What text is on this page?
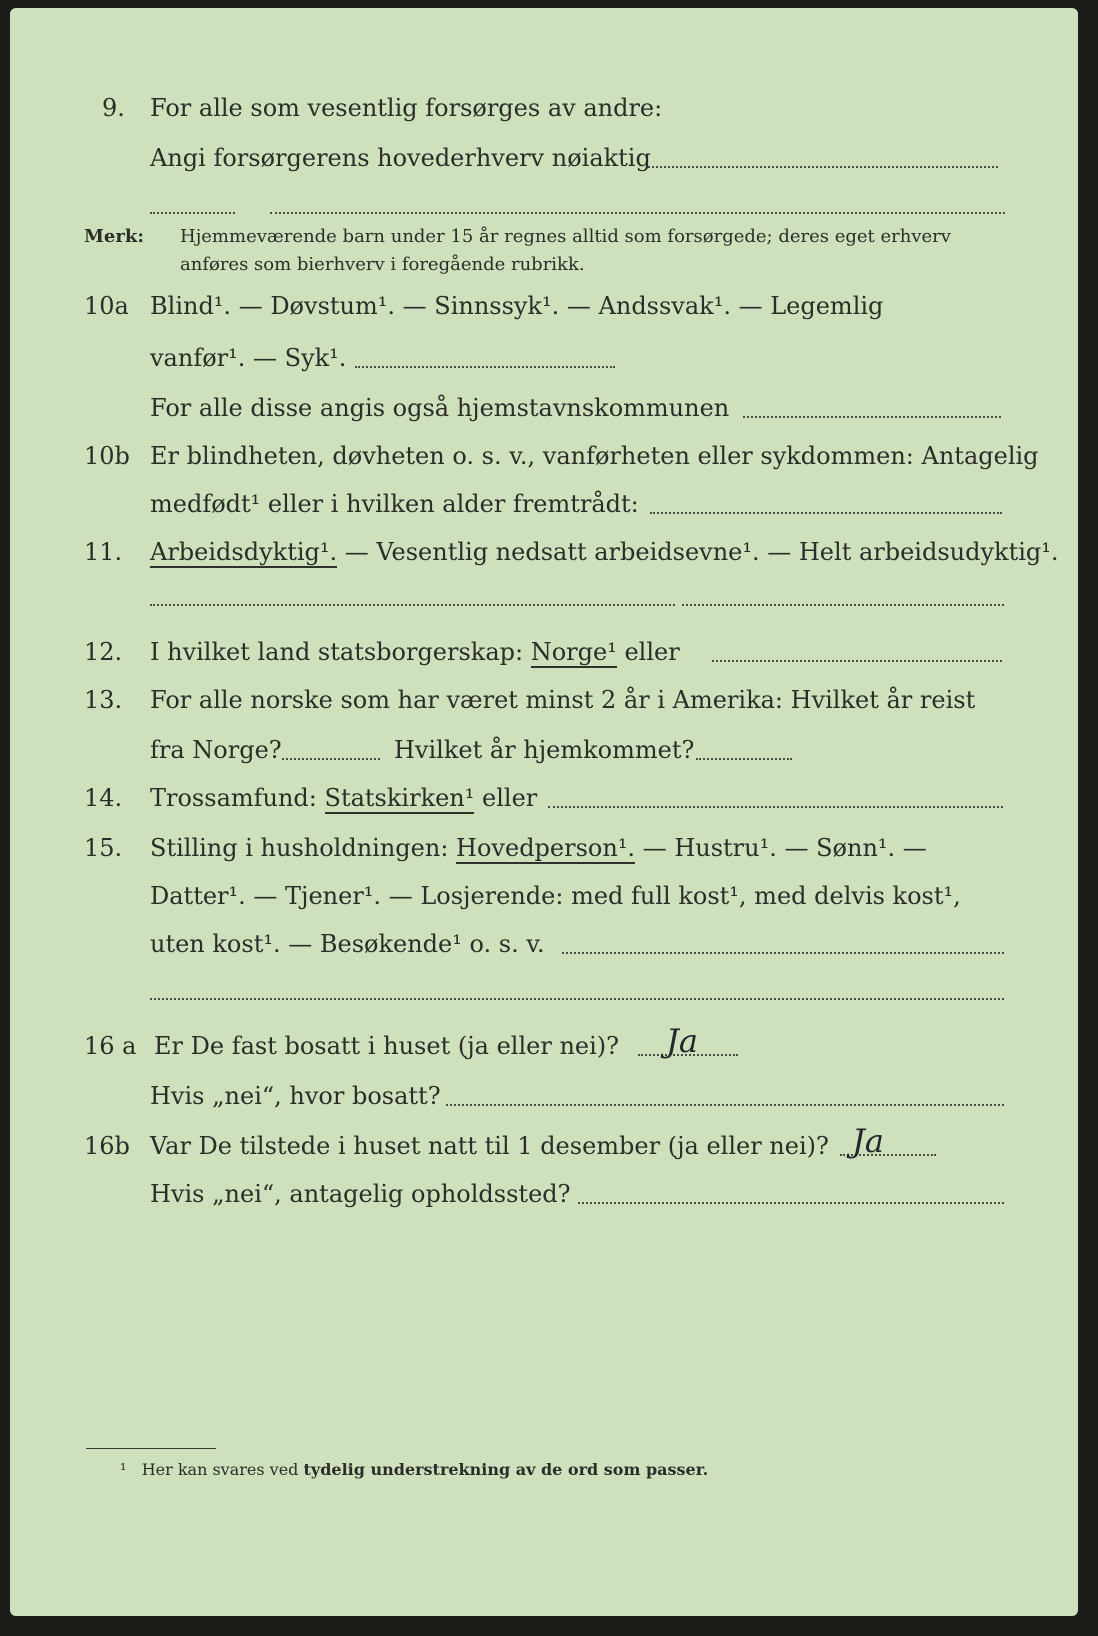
9. For alle som vesentlig forsørges av andre:
Angi forsørgerens hovederhverv nøiaktig
Merk: Hjemmeværende barn under 15 år regnes alltid som forsørgede; deres eget erhverv
anføres som bierhverv i foregående rubrikk.
10a Blind¹. — Døvstum¹. — Sinnssyk¹. — Andssvak¹. — Legemlig
vanfør¹. — Syk¹.
For alle disse angis også hjemstavnskommunen
10b Er blindheten, døvheten o. s. v., vanførheten eller sykdommen: Antagelig
medfødt¹ eller i hvilken alder fremtrådt:
11. Arbeidsdyktig¹. — Vesentlig nedsatt arbeidsevne¹. — Helt arbeidsudyktig¹.
12. I hvilket land statsborgerskap: Norge¹ eller
13. For alle norske som har været minst 2 år i Amerika: Hvilket år reist
fra Norge?	Hvilket år hjemkommet?
14. Trossamfund: Statskirken¹ eller
15. Stilling i husholdningen: Hovedperson¹. — Hustru¹. — Sønn¹. —
Datter¹. — Tjener¹. — Losjerende: med full kost¹, med delvis kost¹,
uten kost¹. — Besøkende¹ o. s. v.
16 a Er De fast bosatt i huset (ja eller nei)? Ja
Hvis „nei“, hvor bosatt?
16b Var De tilstede i huset natt til 1 desember (ja eller nei)? Ja
Hvis „nei“, antagelig opholdssted?
¹ Her kan svares ved tydelig understrekning av de ord som passer.
